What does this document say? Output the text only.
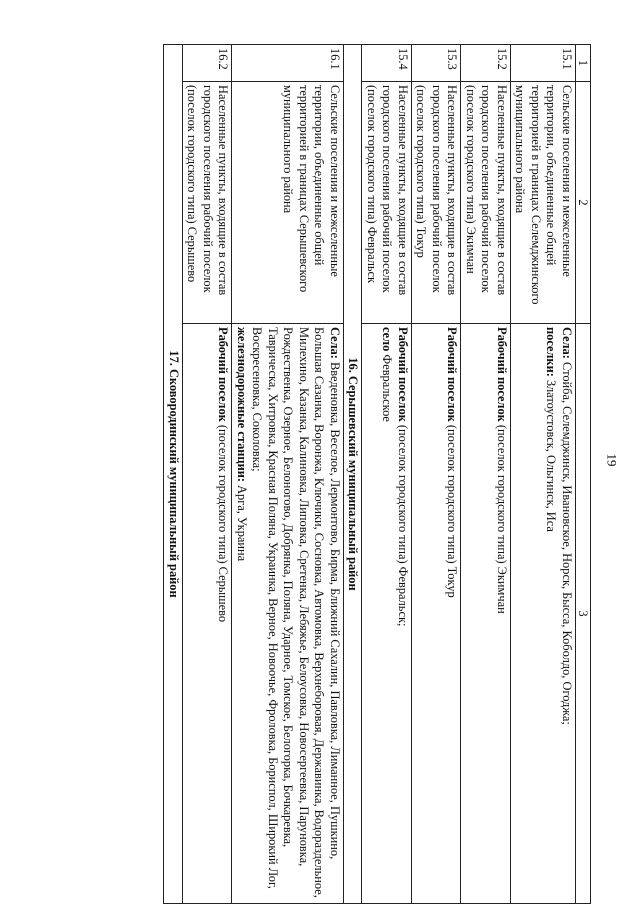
19
1	2	3
15.1	Сельские поселения и межселенные территории, объединенные общей территорией в границах Селемджинского муниципального района	Села: Стойба, Селемджинск, Ивановское, Норск, Бысса, Коболдо, Огоджа;
поселки: Златоустовск, Ольгинск, Иса
15.2	Населенные пункты, входящие в состав городского поселения рабочий поселок (поселок городского типа) Экимчан	Рабочий поселок (поселок городского типа) Экимчан
15.3	Населенные пункты, входящие в состав городского поселения рабочий поселок (поселок городского типа) Токур	Рабочий поселок (поселок городского типа) Токур
15.4	Населенные пункты, входящие в состав городского поселения рабочий поселок (поселок городского типа) Февральск	Рабочий поселок (поселок городского типа) Февральск;
село Февральское
16. Серышевский муниципальный район		
16.1	Сельские поселения и межселенные территории, объединенные общей территорией в границах Серышевского муниципального района	Села: Введеновка, Веселое, Лермонтово, Бирма, Ближний Сахалин, Павловка, Лиманное, Пушкино, Большая Сазанка, Воронжа, Ключики, Сосновка, Автомовка, Верхнеборовая, Державинка, Водораздельное, Милехино, Казанка, Калиновка, Липовка, Сретенка, Лебяжье, Белоусовка, Новосергеевка, Паруновка, Рождественка, Озерное, Белоногово, Добрянка, Поляна, Ударное, Томское, Белогорка, Бочкаревка, Таврическа, Хитровка, Красная Поляна, Украинка, Верное, Новоочье, Фроловка, Бориспол, Широкий Лог, Воскресеновка, Соколовка;
железнодорожные станции: Арга, Украина
16.2	Населенные пункты, входящие в состав городского поселения рабочий поселок (поселок городского типа) Серышево	Рабочий поселок (поселок городского типа) Серышево
17. Сковородинский муниципальный район		
